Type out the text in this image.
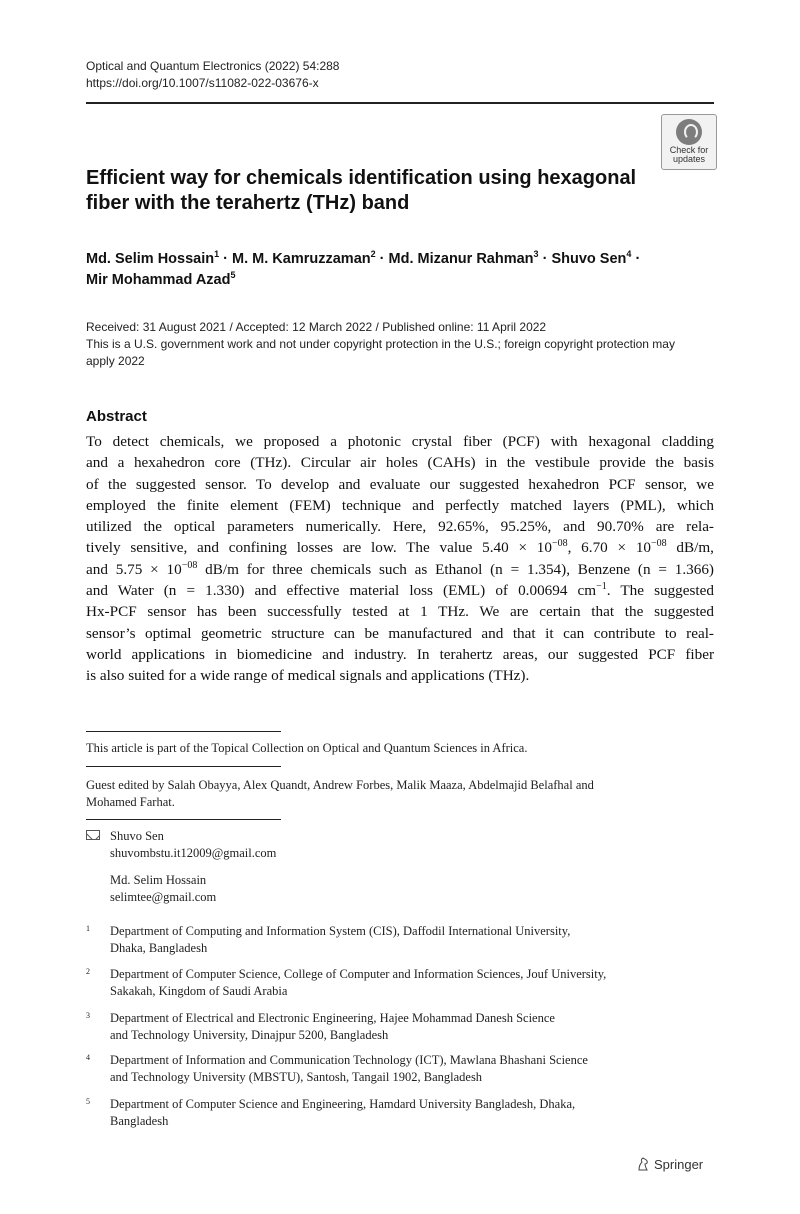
Optical and Quantum Electronics (2022) 54:288
https://doi.org/10.1007/s11082-022-03676-x
Check for
updates
Efficient way for chemicals identification using hexagonal
fiber with the terahertz (THz) band
Md. Selim Hossain$^1$ · M. M. Kamruzzaman$^2$ · Md. Mizanur Rahman$^3$ · Shuvo Sen$^4$ ·
Mir Mohammad Azad$^5$
Received: 31 August 2021 / Accepted: 12 March 2022 / Published online: 11 April 2022
This is a U.S. government work and not under copyright protection in the U.S.; foreign copyright protection may
apply 2022
Abstract
To detect chemicals, we proposed a photonic crystal fiber (PCF) with hexagonal cladding
and a hexahedron core (THz). Circular air holes (CAHs) in the vestibule provide the basis
of the suggested sensor. To develop and evaluate our suggested hexahedron PCF sensor, we
employed the finite element (FEM) technique and perfectly matched layers (PML), which
utilized the optical parameters numerically. Here, 92.65%, 95.25%, and 90.70% are rela-
tively sensitive, and confining losses are low. The value $5.40 \times 10^{-08}$, $6.70 \times 10^{-08}$ dB/m,
and $5.75 \times 10^{-08}$ dB/m for three chemicals such as Ethanol (n = 1.354), Benzene (n = 1.366)
and Water (n = 1.330) and effective material loss (EML) of 0.00694 $cm^{-1}$. The suggested
Hx-PCF sensor has been successfully tested at 1 THz. We are certain that the suggested
sensor’s optimal geometric structure can be manufactured and that it can contribute to real-
world applications in biomedicine and industry. In terahertz areas, our suggested PCF fiber
is also suited for a wide range of medical signals and applications (THz).
This article is part of the Topical Collection on Optical and Quantum Sciences in Africa.
Guest edited by Salah Obayya, Alex Quandt, Andrew Forbes, Malik Maaza, Abdelmajid Belafhal and
Mohamed Farhat.
Shuvo Sen
shuvombstu.it12009@gmail.com
Md. Selim Hossain
selimtee@gmail.com
1 Department of Computing and Information System (CIS), Daffodil International University,
Dhaka, Bangladesh
2 Department of Computer Science, College of Computer and Information Sciences, Jouf University,
Sakakah, Kingdom of Saudi Arabia
3 Department of Electrical and Electronic Engineering, Hajee Mohammad Danesh Science
and Technology University, Dinajpur 5200, Bangladesh
4 Department of Information and Communication Technology (ICT), Mawlana Bhashani Science
and Technology University (MBSTU), Santosh, Tangail 1902, Bangladesh
5 Department of Computer Science and Engineering, Hamdard University Bangladesh, Dhaka,
Bangladesh
Springer
